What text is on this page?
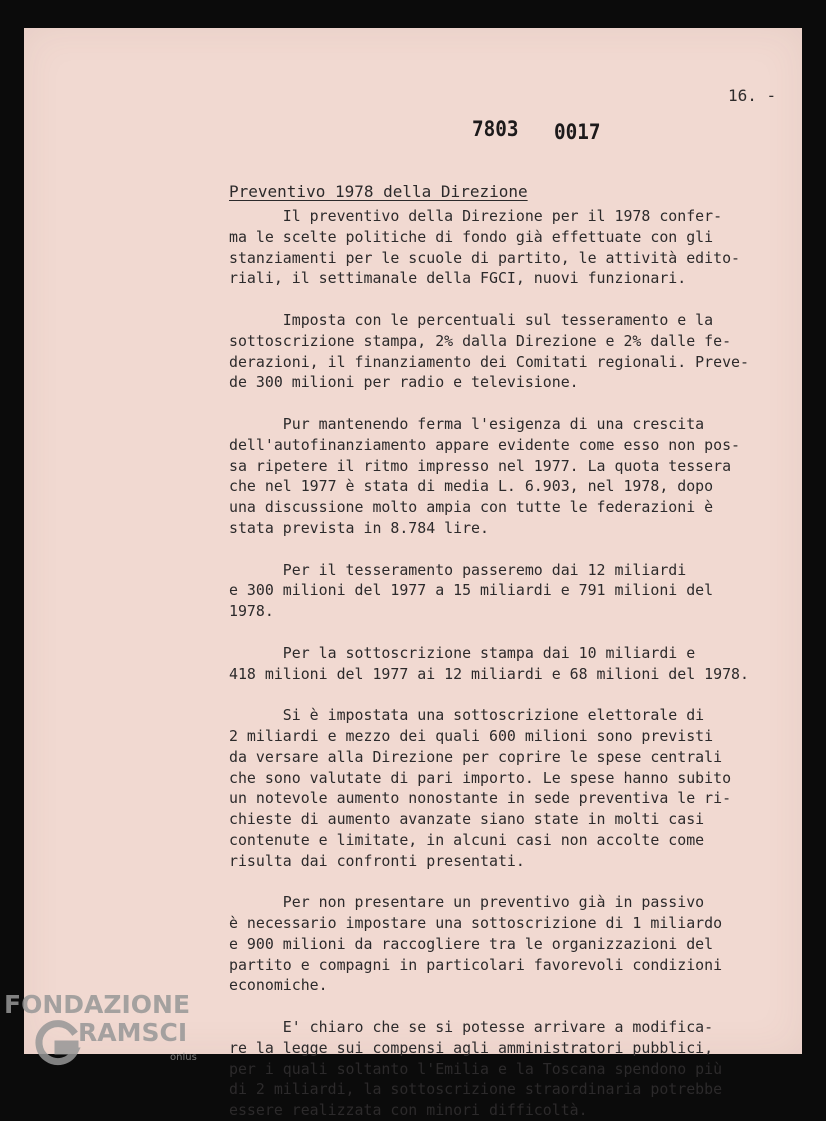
16. -

7803 0017

Preventivo 1978 della Direzione

Il preventivo della Direzione per il 1978 confer-
ma le scelte politiche di fondo già effettuate con gli
stanziamenti per le scuole di partito, le attività edito-
riali, il settimanale della FGCI, nuovi funzionari.

Imposta con le percentuali sul tesseramento e la
sottoscrizione stampa, 2% dalla Direzione e 2% dalle fe-
derazioni, il finanziamento dei Comitati regionali. Preve-
de 300 milioni per radio e televisione.

Pur mantenendo ferma l'esigenza di una crescita
dell'autofinanziamento appare evidente come esso non pos-
sa ripetere il ritmo impresso nel 1977. La quota tessera
che nel 1977 è stata di media L. 6.903, nel 1978, dopo
una discussione molto ampia con tutte le federazioni è
stata prevista in 8.784 lire.

Per il tesseramento passeremo dai 12 miliardi
e 300 milioni del 1977 a 15 miliardi e 791 milioni del
1978.

Per la sottoscrizione stampa dai 10 miliardi e
418 milioni del 1977 ai 12 miliardi e 68 milioni del 1978.

Si è impostata una sottoscrizione elettorale di
2 miliardi e mezzo dei quali 600 milioni sono previsti
da versare alla Direzione per coprire le spese centrali
che sono valutate di pari importo. Le spese hanno subito
un notevole aumento nonostante in sede preventiva le ri-
chieste di aumento avanzate siano state in molti casi
contenute e limitate, in alcuni casi non accolte come
risulta dai confronti presentati.

Per non presentare un preventivo già in passivo
è necessario impostare una sottoscrizione di 1 miliardo
e 900 milioni da raccogliere tra le organizzazioni del
partito e compagni in particolari favorevoli condizioni
economiche.

E' chiaro che se si potesse arrivare a modifica-
re la legge sui compensi agli amministratori pubblici,
per i quali soltanto l'Emilia e la Toscana spendono più
di 2 miliardi, la sottoscrizione straordinaria potrebbe
essere realizzata con minori difficoltà.

FONDAZIONE

RAMSCI

onlus
